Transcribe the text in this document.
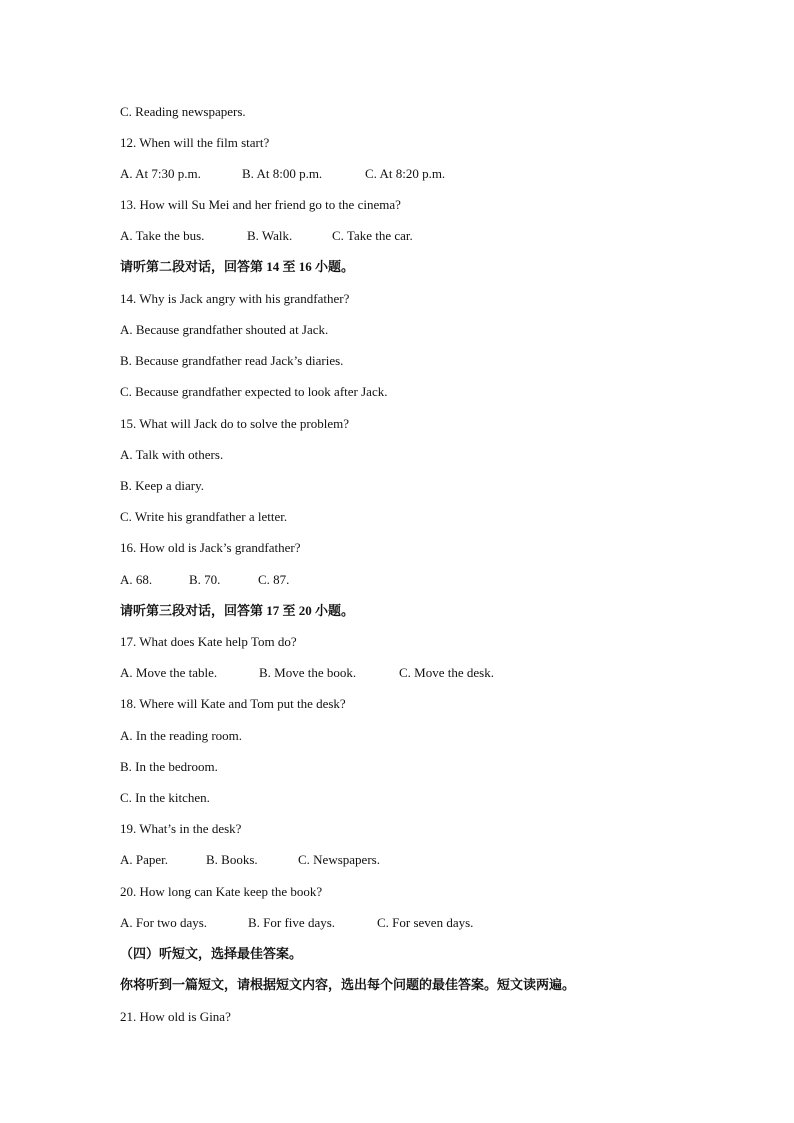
C. Reading newspapers.

12. When will the film start?

A. At 7:30 p.m.	B. At 8:00 p.m.	C. At 8:20 p.m.

13. How will Su Mei and her friend go to the cinema?

A. Take the bus.	B. Walk.	C. Take the car.

请听第二段对话，回答第 14 至 16 小题。

14. Why is Jack angry with his grandfather?

A. Because grandfather shouted at Jack.

B. Because grandfather read Jack’s diaries.

C. Because grandfather expected to look after Jack.

15. What will Jack do to solve the problem?

A. Talk with others.

B. Keep a diary.

C. Write his grandfather a letter.

16. How old is Jack’s grandfather?

A. 68.	B. 70.	C. 87.

请听第三段对话，回答第 17 至 20 小题。

17. What does Kate help Tom do?

A. Move the table.	B. Move the book.	C. Move the desk.

18. Where will Kate and Tom put the desk?

A. In the reading room.

B. In the bedroom.

C. In the kitchen.

19. What’s in the desk?

A. Paper.	B. Books.	C. Newspapers.

20. How long can Kate keep the book?

A. For two days.	B. For five days.	C. For seven days.

（四）听短文，选择最佳答案。

你将听到一篇短文，请根据短文内容，选出每个问题的最佳答案。短文读两遍。

21. How old is Gina?
